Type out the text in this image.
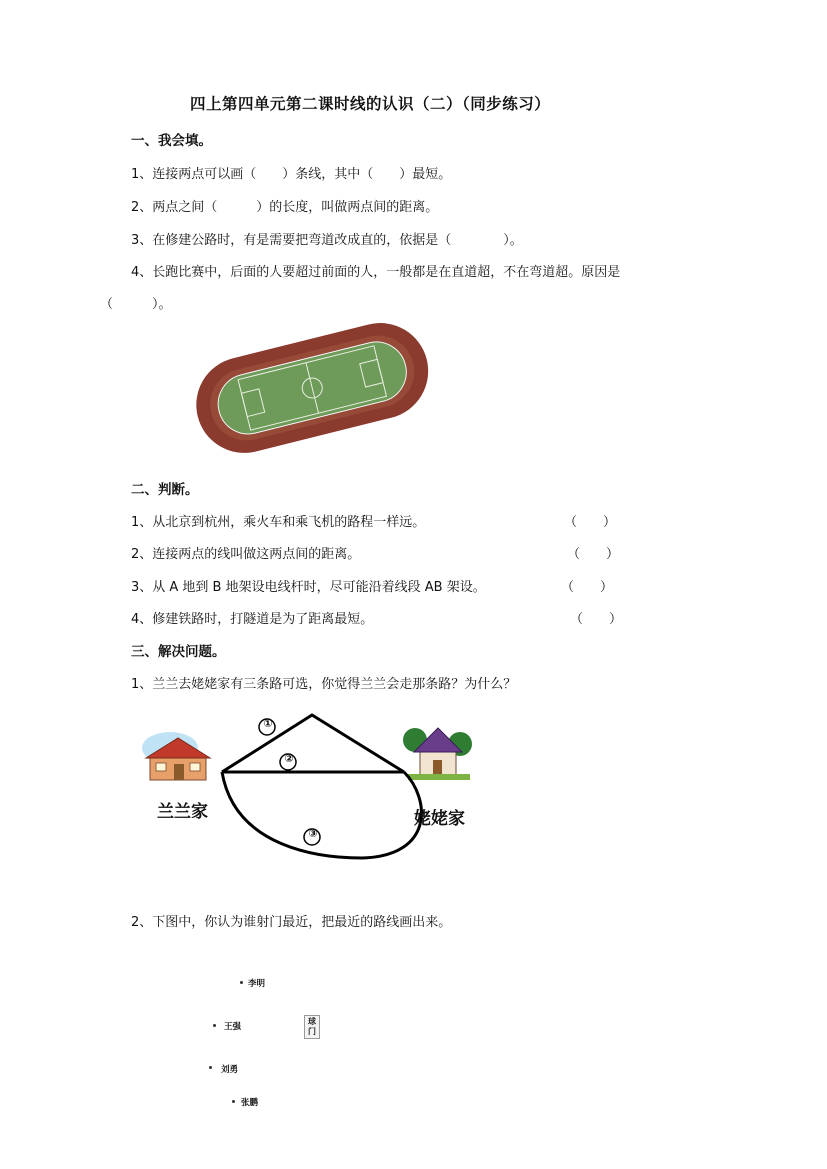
四上第四单元第二课时线的认识（二）（同步练习）
一、我会填。
1、连接两点可以画（　　）条线，其中（　　）最短。
2、两点之间（　　　）的长度，叫做两点间的距离。
3、在修建公路时，有是需要把弯道改成直的，依据是（　　　　）。
4、长跑比赛中，后面的人要超过前面的人，一般都是在直道超，不在弯道超。原因是
（　　　）。
二、判断。
1、从北京到杭州，乘火车和乘飞机的路程一样远。	（　　）
2、连接两点的线叫做这两点间的距离。	（　　）
3、从 A 地到 B 地架设电线杆时，尽可能沿着线段 AB 架设。	（　　）
4、修建铁路时，打隧道是为了距离最短。	（　　）
三、解决问题。
1、兰兰去姥姥家有三条路可选，你觉得兰兰会走那条路？为什么？
①
②
③
兰兰家	姥姥家
2、下图中，你认为谁射门最近，把最近的路线画出来。
李明
王强
球门
刘勇
张鹏
